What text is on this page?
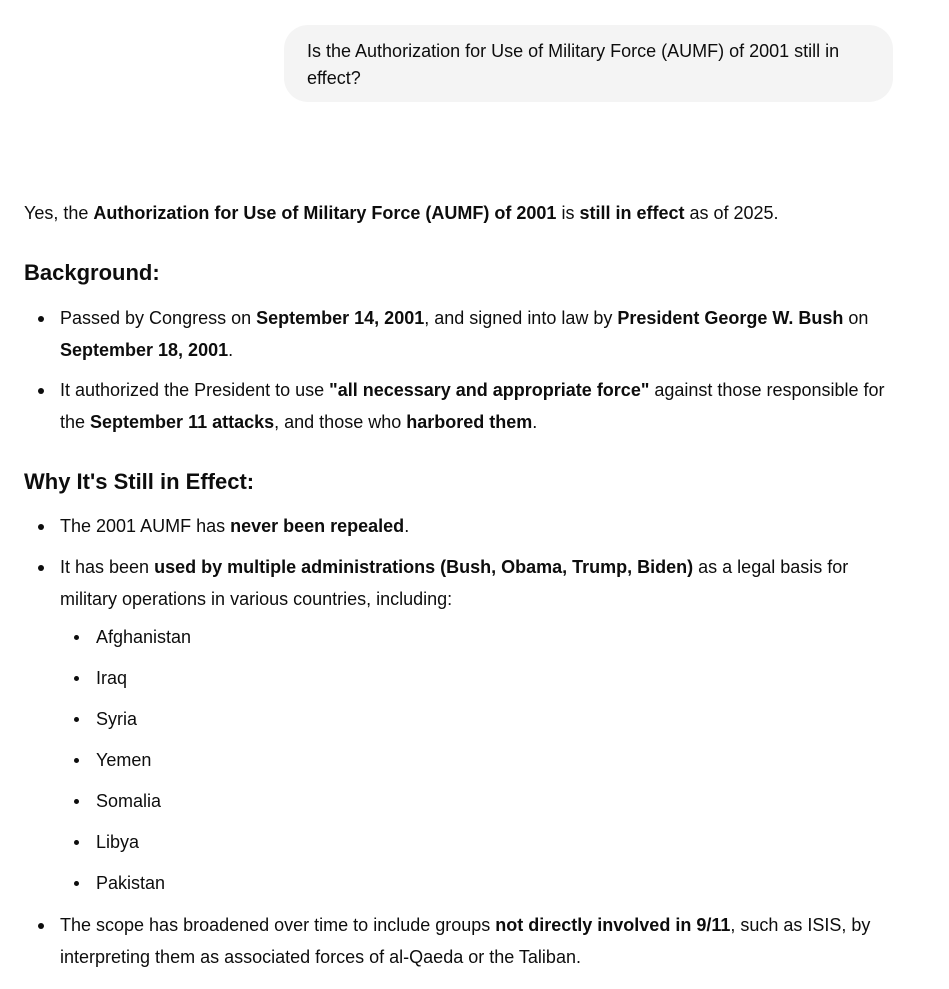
Is the Authorization for Use of Military Force (AUMF) of 2001 still in
effect?
Yes, the Authorization for Use of Military Force (AUMF) of 2001 is still in effect as of 2025.
Background:
Passed by Congress on September 14, 2001, and signed into law by President George W. Bush on
September 18, 2001.
It authorized the President to use "all necessary and appropriate force" against those responsible for the September 11 attacks, and those who harbored them.
Why It's Still in Effect:
The 2001 AUMF has never been repealed.
It has been used by multiple administrations (Bush, Obama, Trump, Biden) as a legal basis for military operations in various countries, including:
Afghanistan
Iraq
Syria
Yemen
Somalia
Libya
Pakistan
The scope has broadened over time to include groups not directly involved in 9/11, such as ISIS, by interpreting them as associated forces of al-Qaeda or the Taliban.
